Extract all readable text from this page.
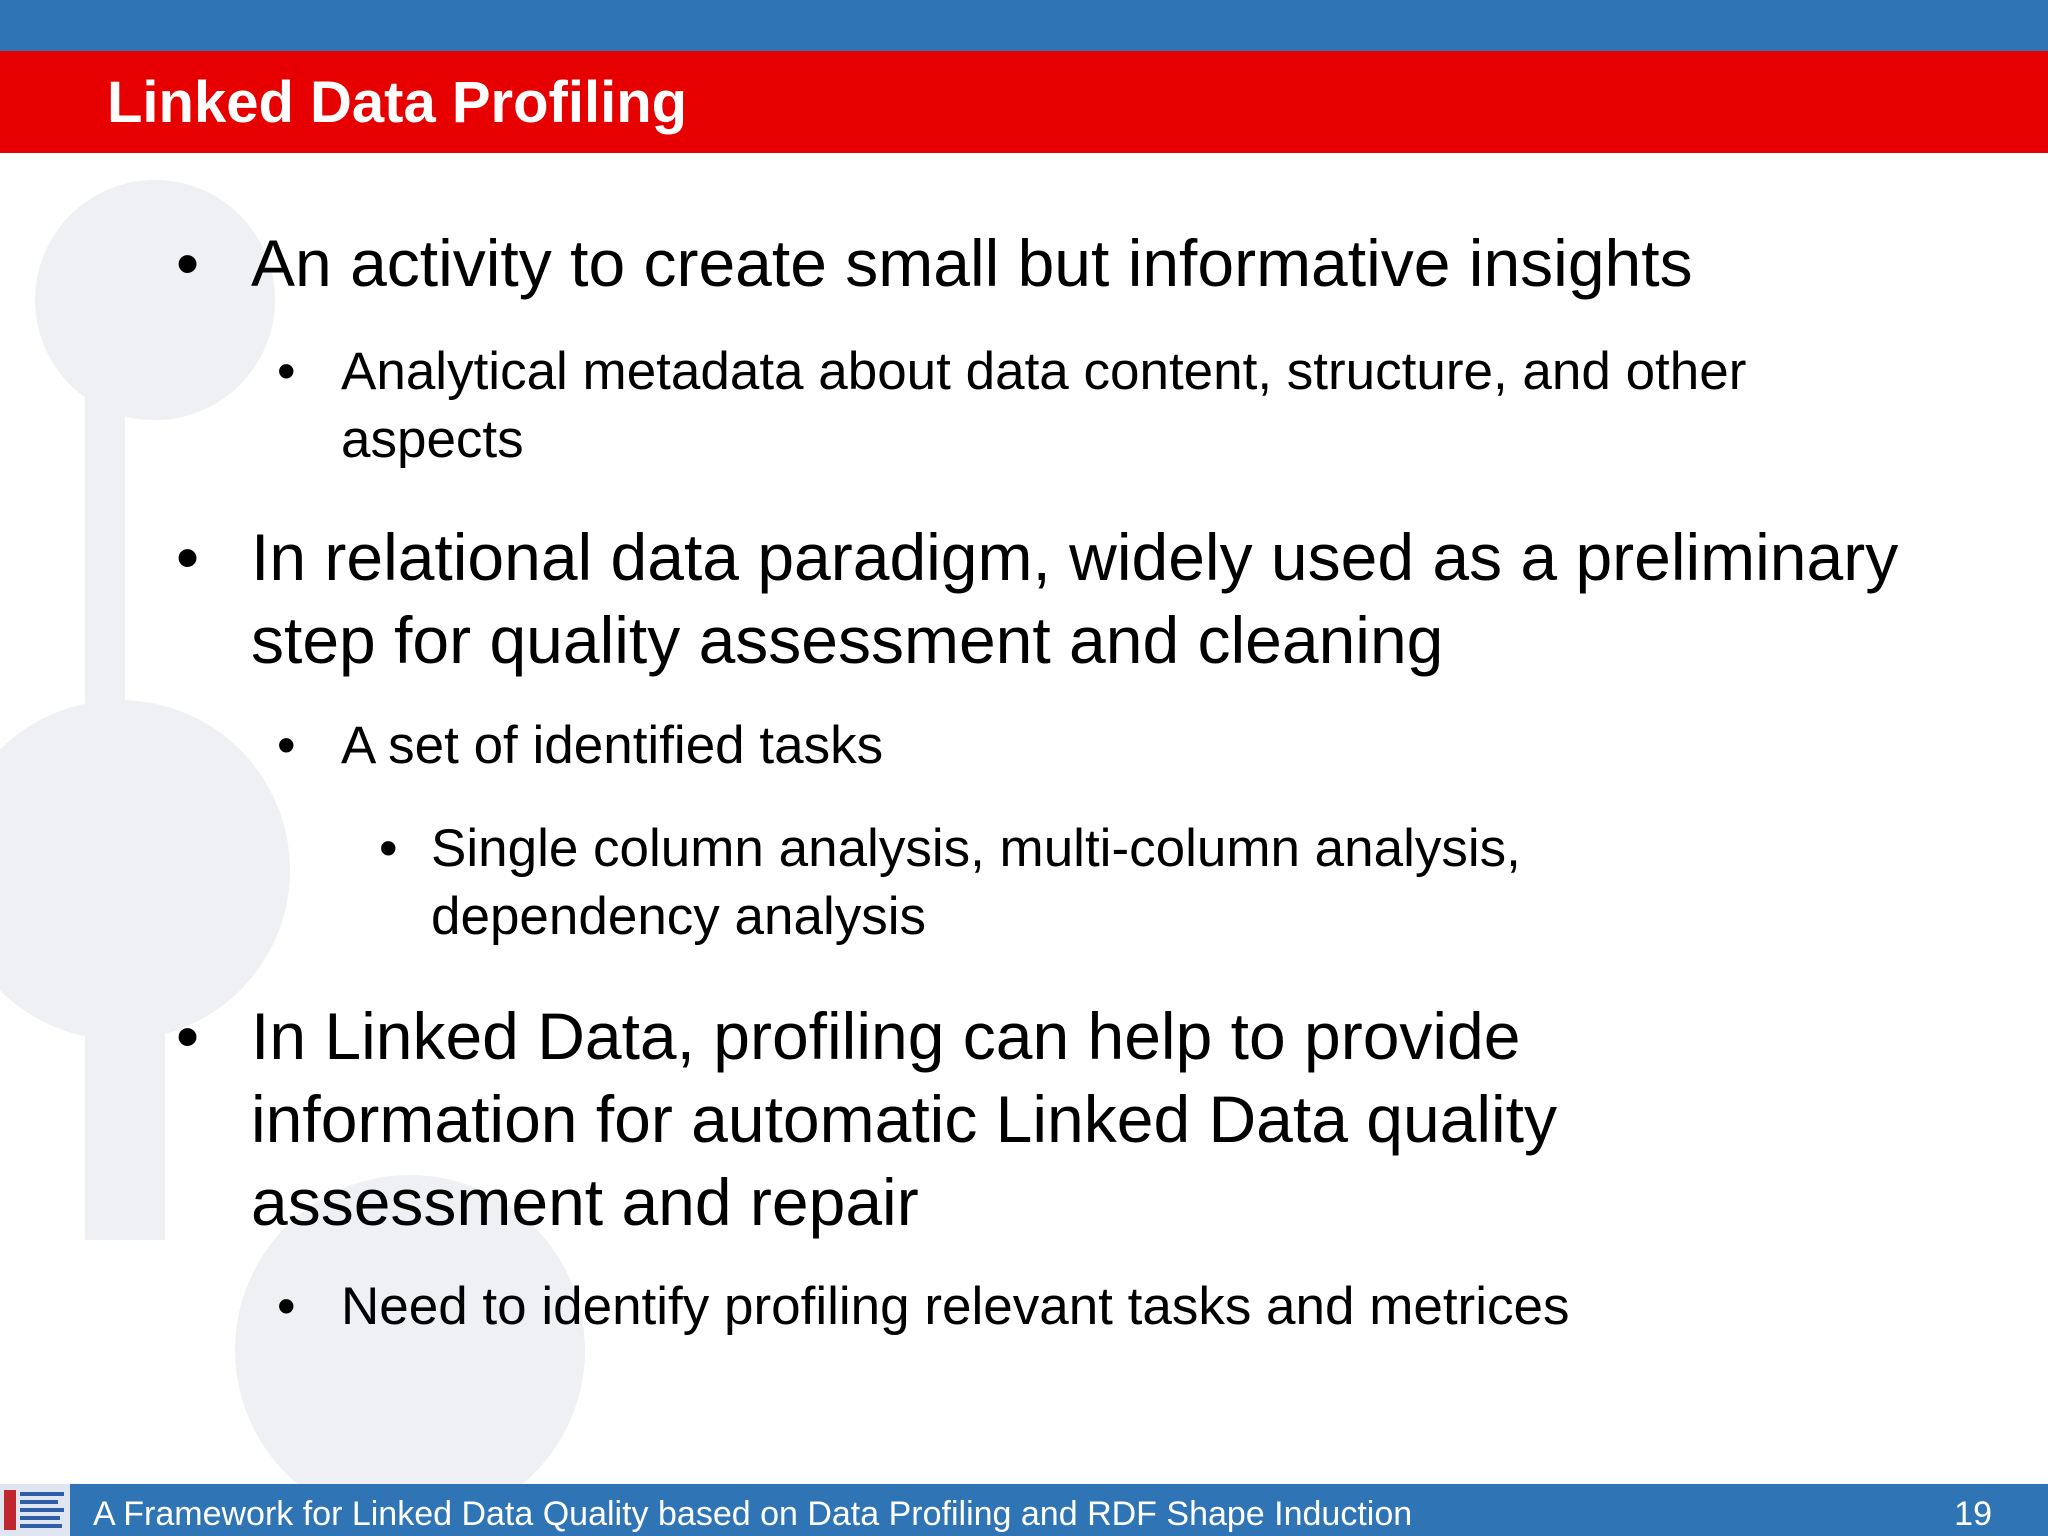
Linked Data Profiling
• An activity to create small but informative insights
• Analytical metadata about data content, structure, and other aspects
• In relational data paradigm, widely used as a preliminary step for quality assessment and cleaning
• A set of identified tasks
• Single column analysis, multi-column analysis, dependency analysis
• In Linked Data, profiling can help to provide information for automatic Linked Data quality assessment and repair
• Need to identify profiling relevant tasks and metrices
A Framework for Linked Data Quality based on Data Profiling and RDF Shape Induction	19
